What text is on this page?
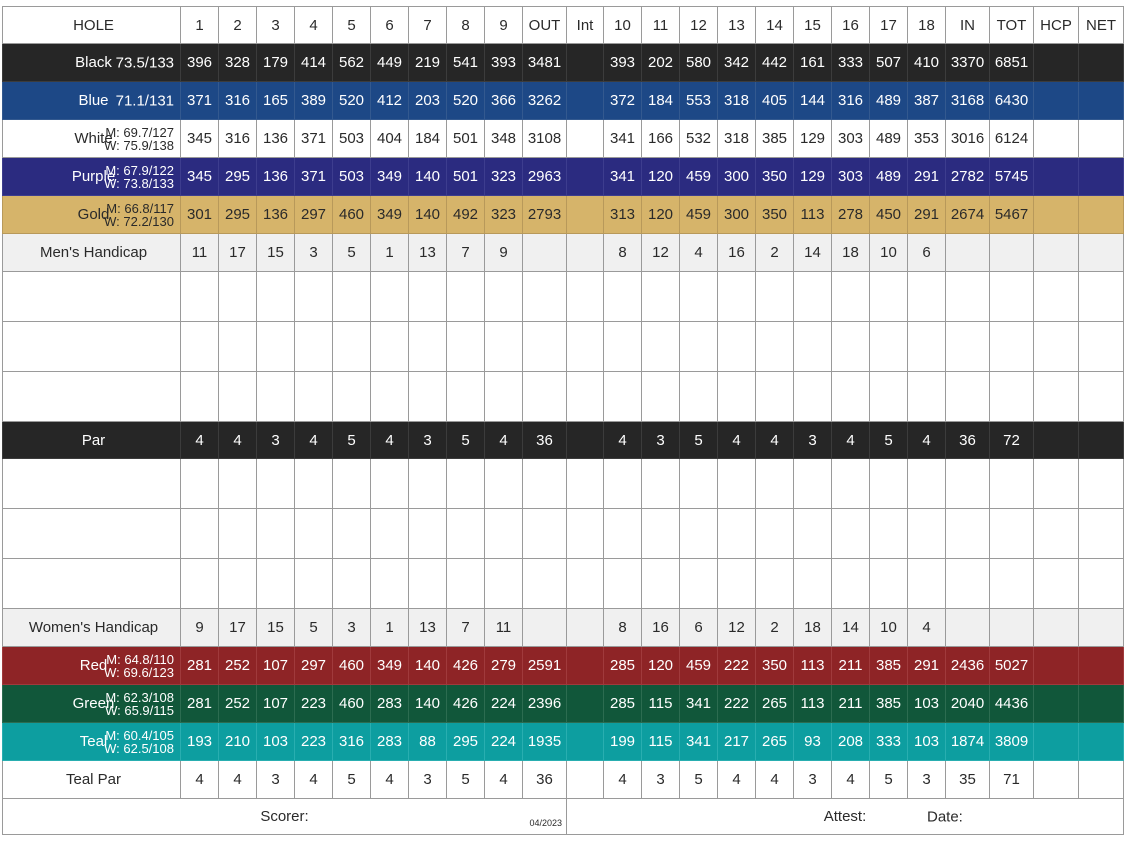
HOLE	1	2	3	4	5	6	7	8	9	OUT	Int	10	11	12	13	14	15	16	17	18	IN	TOT	HCP	NET
Black 73.5/133	396	328	179	414	562	449	219	541	393	3481		393	202	580	342	442	161	333	507	410	3370	6851		
Blue 71.1/131	371	316	165	389	520	412	203	520	366	3262		372	184	553	318	405	144	316	489	387	3168	6430		
White
M: 69.7/127
W: 75.9/138	345	316	136	371	503	404	184	501	348	3108		341	166	532	318	385	129	303	489	353	3016	6124		
Purple
M: 67.9/122
W: 73.8/133	345	295	136	371	503	349	140	501	323	2963		341	120	459	300	350	129	303	489	291	2782	5745		
Gold
M: 66.8/117
W: 72.2/130	301	295	136	297	460	349	140	492	323	2793		313	120	459	300	350	113	278	450	291	2674	5467		
Men's Handicap	11	17	15	3	5	1	13	7	9			8	12	4	16	2	14	18	10	6				

Par	4	4	3	4	5	4	3	5	4	36		4	3	5	4	4	3	4	5	4	36	72		

Women's Handicap	9	17	15	5	3	1	13	7	11			8	16	6	12	2	18	14	10	4				
Red M: 64.8/110
W: 69.6/123	281	252	107	297	460	349	140	426	279	2591		285	120	459	222	350	113	211	385	291	2436	5027		
Green
M: 62.3/108
W: 65.9/115	281	252	107	223	460	283	140	426	224	2396		285	115	341	222	265	113	211	385	103	2040	4436		
Teal
M: 60.4/105
W: 62.5/108	193	210	103	223	316	283	88	295	224	1935		199	115	341	217	265	93	208	333	103	1874	3809		
Teal Par	4	4	3	4	5	4	3	5	4	36		4	3	5	4	4	3	4	5	3	35	71		
Scorer: 04/2023											Attest: Date:													
